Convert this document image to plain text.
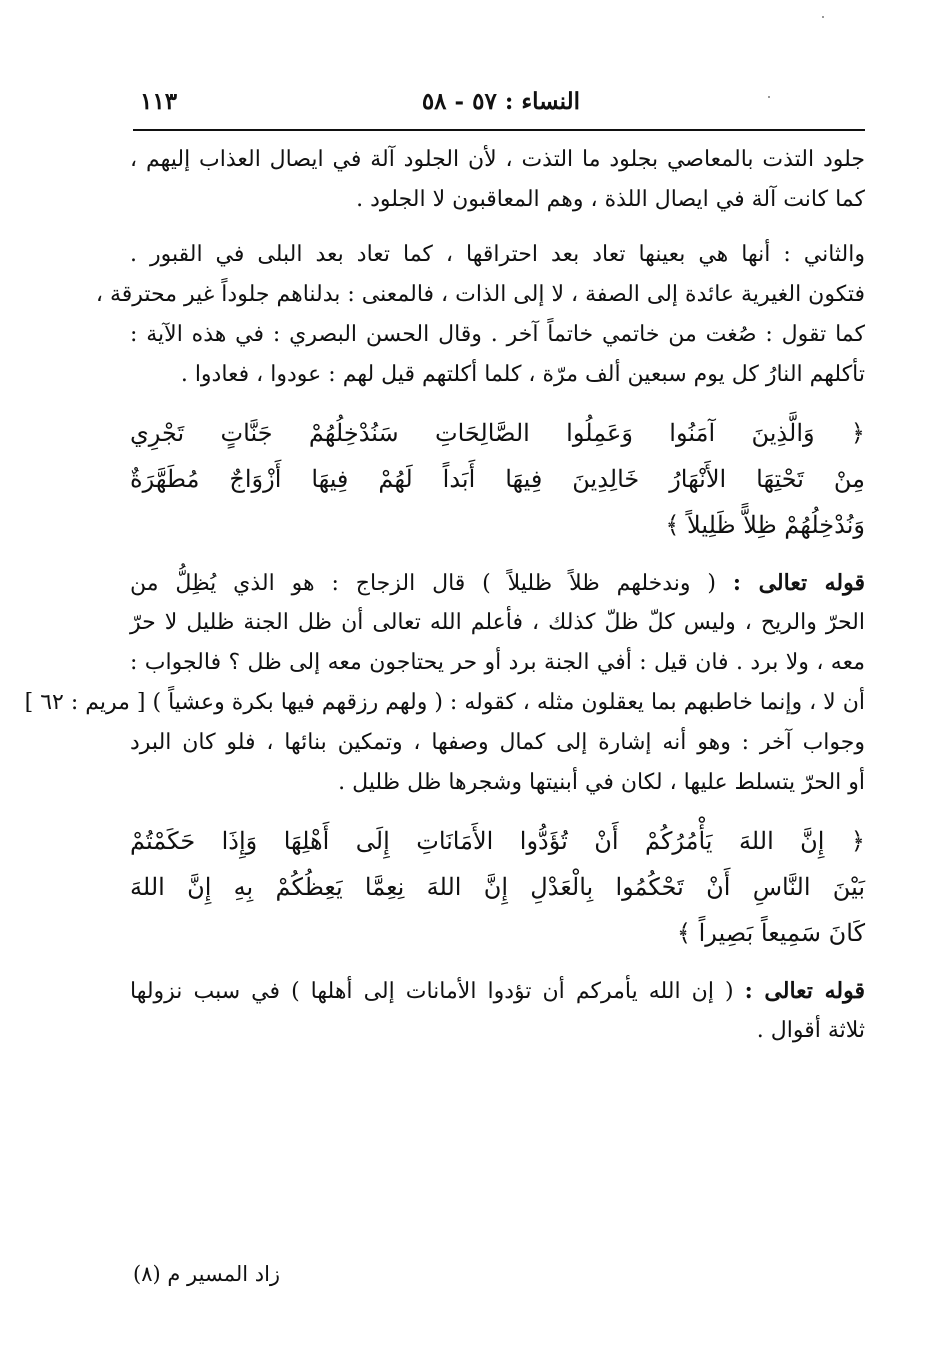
النساء : ٥٧ - ٥٨
١١٣
جلود التذت بالمعاصي بجلود ما التذت ، لأن الجلود آلة في ايصال العذاب إليهم ،
كما كانت آلة في ايصال اللذة ، وهم المعاقبون لا الجلود .
والثاني : أنها هي بعينها تعاد بعد احتراقها ، كما تعاد بعد البلى في القبور .
فتكون الغيرية عائدة إلى الصفة ، لا إلى الذات ، فالمعنى : بدلناهم جلوداً غير محترقة ،
كما تقول : صُغت من خاتمي خاتماً آخر . وقال الحسن البصري : في هذه الآية :
تأكلهم النارُ كل يوم سبعين ألف مرّة ، كلما أكلتهم قيل لهم : عودوا ، فعادوا .
﴿ وَالَّذِينَ آمَنُوا وَعَمِلُوا الصَّالِحَاتِ سَنُدْخِلُهُمْ جَنَّاتٍ تَجْرِي
مِنْ تَحْتِهَا الأَنْهَارُ خَالِدِينَ فِيهَا أَبَداً لَهُمْ فِيهَا أَزْوَاجٌ مُطَهَّرَةٌ
وَنُدْخِلُهُمْ ظِلاًّ ظَلِيلاً ﴾
قوله تعالى : ( وندخلهم ظلاً ظليلاً ) قال الزجاج : هو الذي يُظِلُّ من
الحرّ والريح ، وليس كلّ ظلّ كذلك ، فأعلم الله تعالى أن ظل الجنة ظليل لا حرّ
معه ، ولا برد . فان قيل : أفي الجنة برد أو حر يحتاجون معه إلى ظل ؟ فالجواب :
أن لا ، وإنما خاطبهم بما يعقلون مثله ، كقوله : ( ولهم رزقهم فيها بكرة وعشياً ) [ مريم : ٦٢ ]
وجواب آخر : وهو أنه إشارة إلى كمال وصفها ، وتمكين بنائها ، فلو كان البرد
أو الحرّ يتسلط عليها ، لكان في أبنيتها وشجرها ظل ظليل .
﴿ إِنَّ اللهَ يَأْمُرُكُمْ أَنْ تُؤَدُّوا الأَمَانَاتِ إِلَى أَهْلِهَا وَإِذَا حَكَمْتُمْ
بَيْنَ النَّاسِ أَنْ تَحْكُمُوا بِالْعَدْلِ إِنَّ اللهَ نِعِمَّا يَعِظُكُمْ بِهِ إِنَّ اللهَ
كَانَ سَمِيعاً بَصِيراً ﴾
قوله تعالى : ( إن الله يأمركم أن تؤدوا الأمانات إلى أهلها ) في سبب نزولها
ثلاثة أقوال .
زاد المسير م (٨)
